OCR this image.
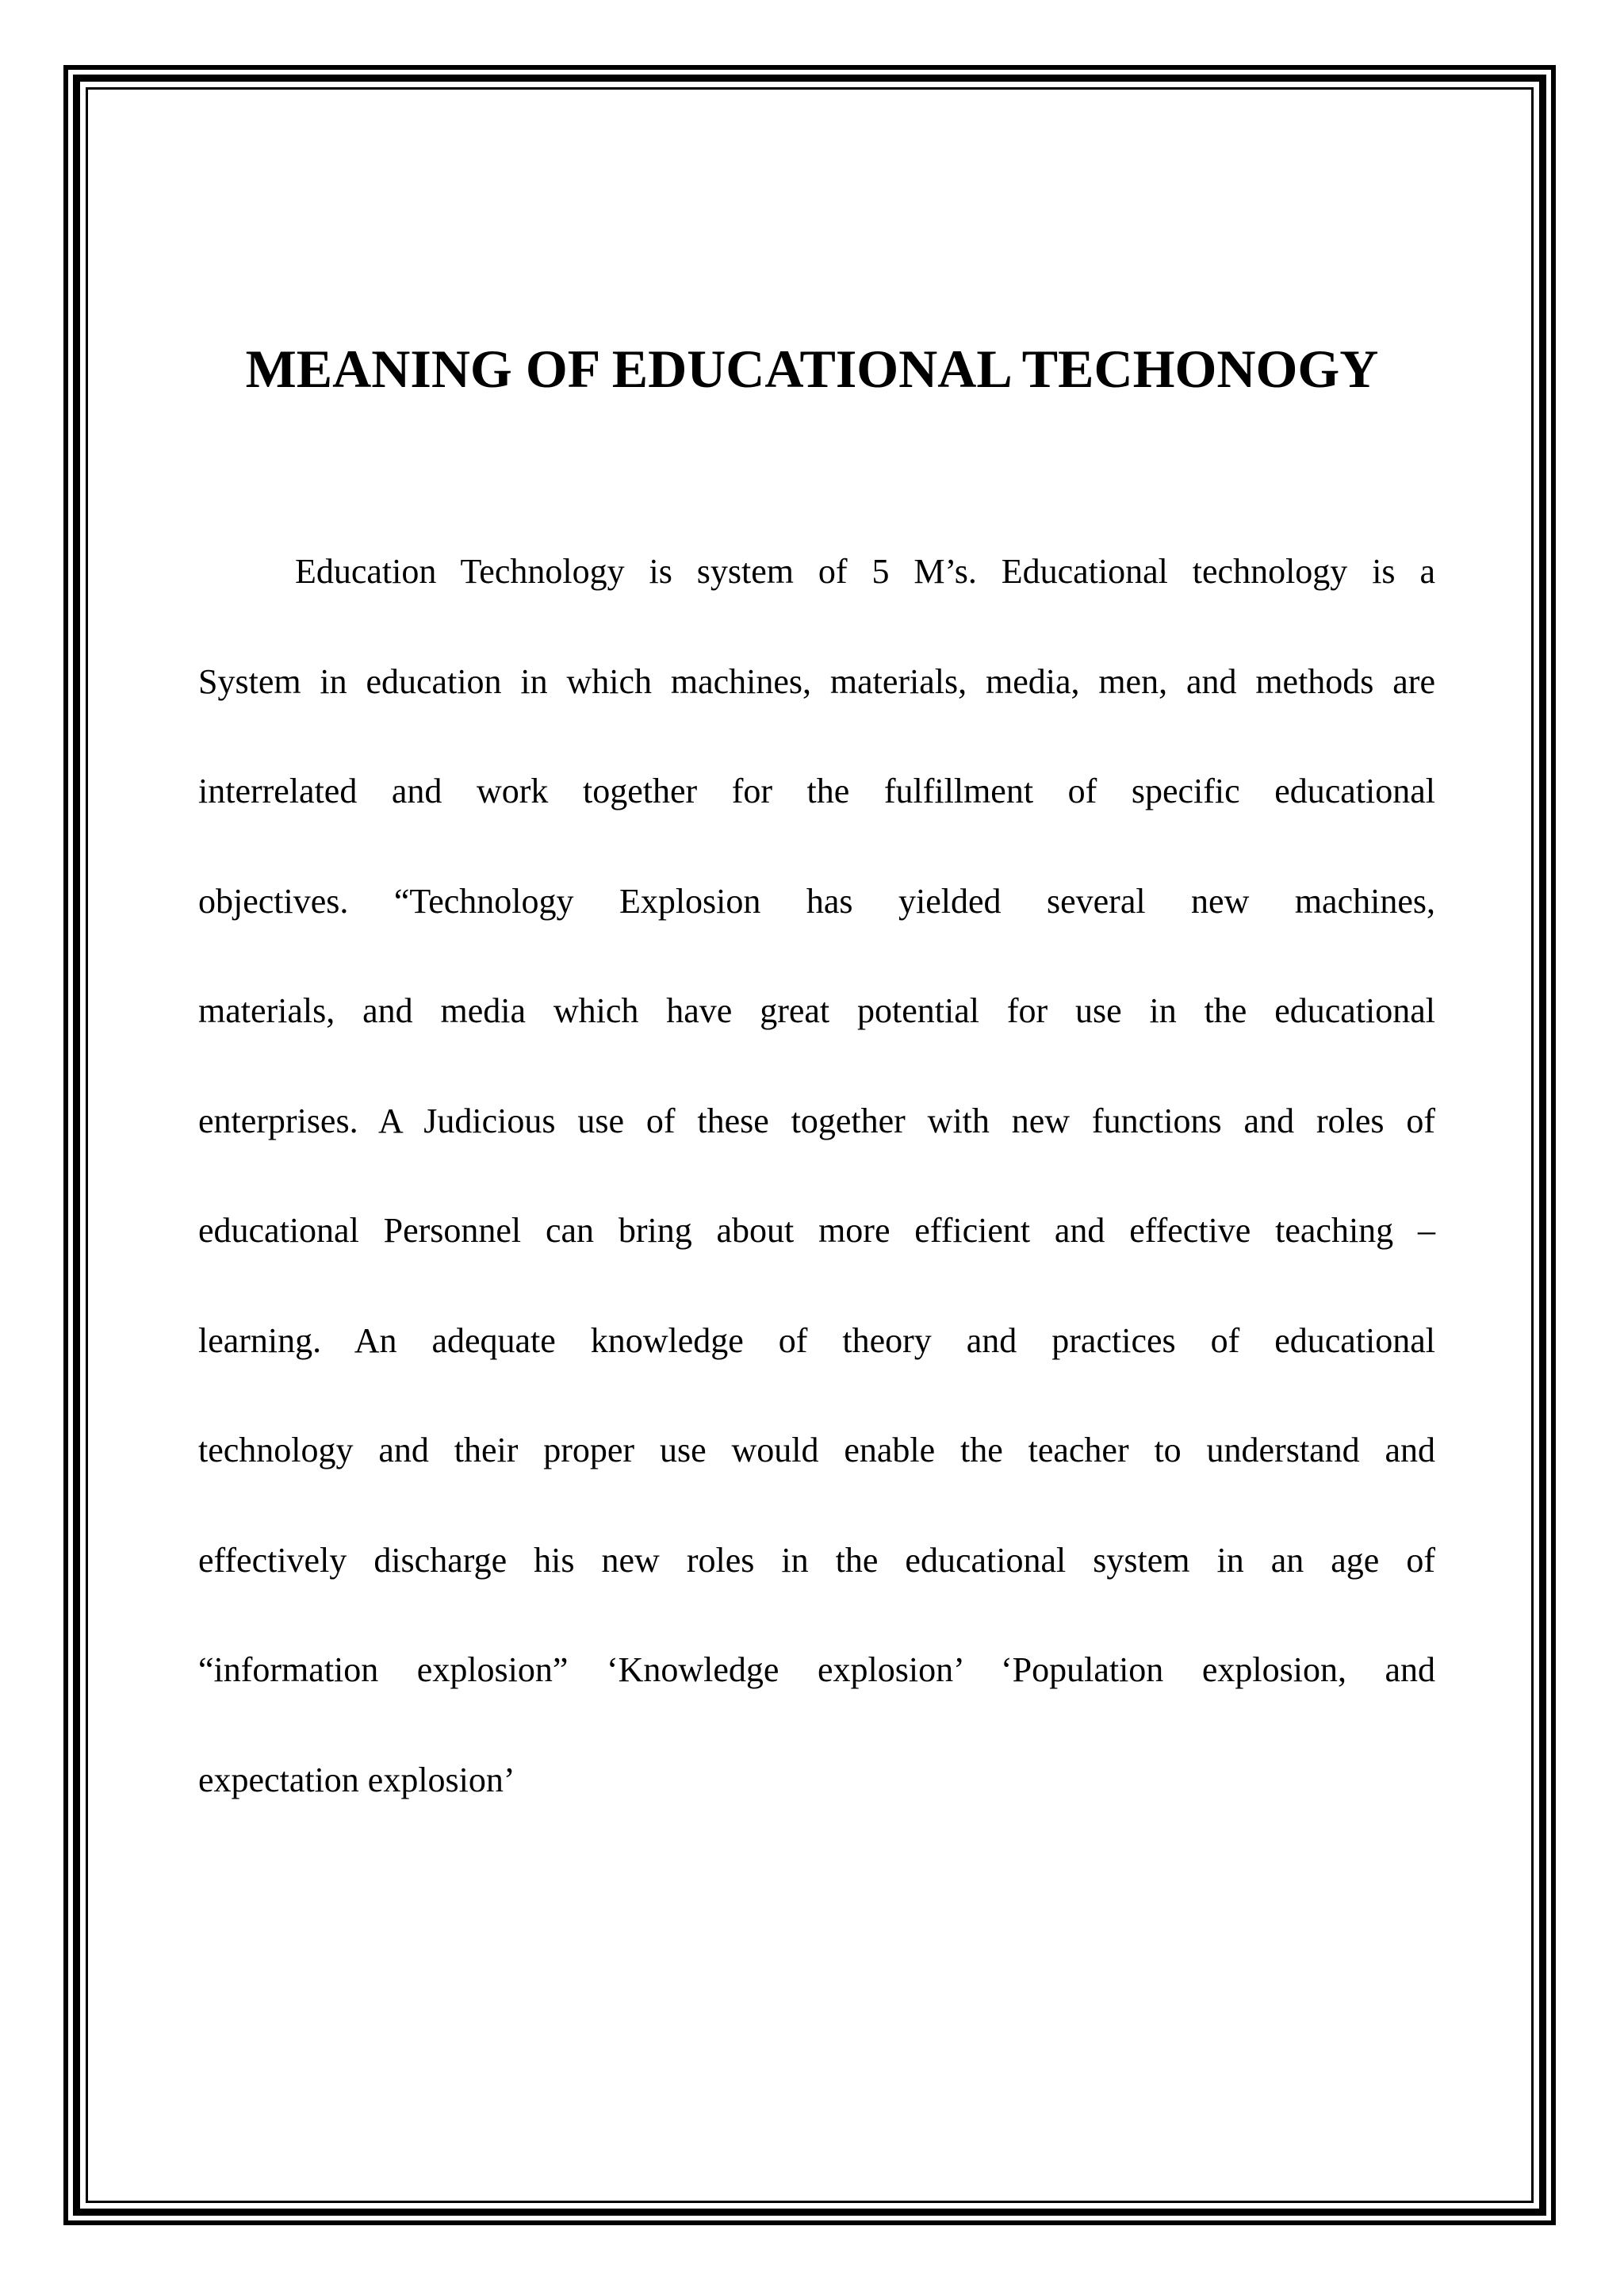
MEANING OF EDUCATIONAL TECHONOGY
Education Technology is system of 5 M’s. Educational technology is a
System in education in which machines, materials, media, men, and methods are
interrelated and work together for the fulfillment of specific educational
objectives. “Technology Explosion has yielded several new machines,
materials, and media which have great potential for use in the educational
enterprises. A Judicious use of these together with new functions and roles of
educational Personnel can bring about more efficient and effective teaching –
learning. An adequate knowledge of theory and practices of educational
technology and their proper use would enable the teacher to understand and
effectively discharge his new roles in the educational system in an age of
“information explosion” ‘Knowledge explosion’ ‘Population explosion, and
expectation explosion’
